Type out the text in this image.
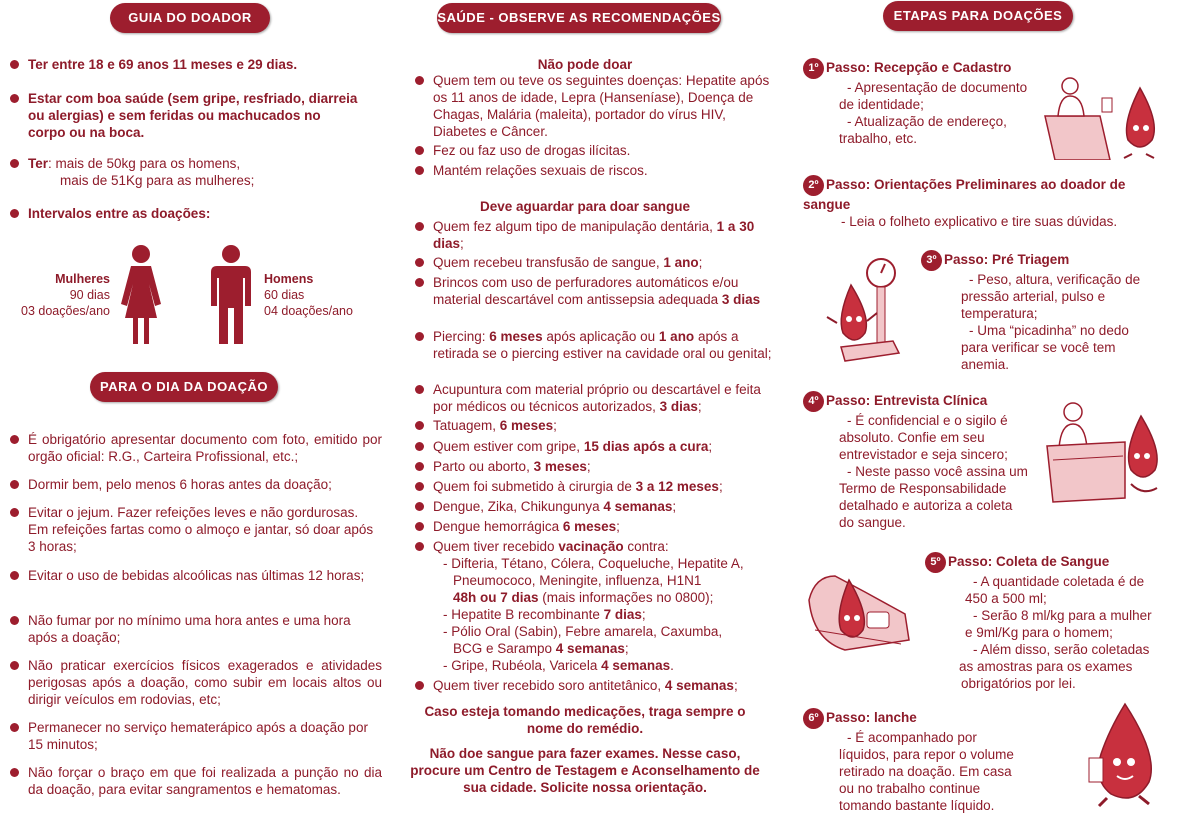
GUIA DO DOADOR
Ter entre 18 e 69 anos 11 meses e 29 dias.
Estar com boa saúde (sem gripe, resfriado, diarreia ou alergias) e sem feridas ou machucados no corpo ou na boca.
Ter: mais de 50kg para os homens,
mais de 51Kg para as mulheres;
Intervalos entre as doações:
Mulheres
90 dias
03 doações/ano
Homens
60 dias
04 doações/ano
PARA O DIA DA DOAÇÃO
É obrigatório apresentar documento com foto, emitido por orgão oficial: R.G., Carteira Profissional, etc.;
Dormir bem, pelo menos 6 horas antes da doação;
Evitar o jejum. Fazer refeições leves e não gordurosas. Em refeições fartas como o almoço e jantar, só doar após 3 horas;
Evitar o uso de bebidas alcoólicas nas últimas 12 horas;
Não fumar por no mínimo uma hora antes e uma hora após a doação;
Não praticar exercícios físicos exagerados e atividades perigosas após a doação, como subir em locais altos ou dirigir veículos em rodovias, etc;
Permanecer no serviço hematerápico após a doação por 15 minutos;
Não forçar o braço em que foi realizada a punção no dia da doação, para evitar sangramentos e hematomas.
SAÚDE - OBSERVE AS RECOMENDAÇÕES
Não pode doar
Quem tem ou teve os seguintes doenças: Hepatite após os 11 anos de idade, Lepra (Hanseníase), Doença de Chagas, Malária (maleita), portador do vírus HIV, Diabetes e Câncer.
Fez ou faz uso de drogas ilícitas.
Mantém relações sexuais de riscos.
Deve aguardar para doar sangue
Quem fez algum tipo de manipulação dentária, 1 a 30 dias;
Quem recebeu transfusão de sangue, 1 ano;
Brincos com uso de perfuradores automáticos e/ou material descartável com antissepsia adequada 3 dias
Piercing: 6 meses após aplicação ou 1 ano após a retirada se o piercing estiver na cavidade oral ou genital;
Acupuntura com material próprio ou descartável e feita por médicos ou técnicos autorizados, 3 dias;
Tatuagem, 6 meses;
Quem estiver com gripe, 15 dias após a cura;
Parto ou aborto, 3 meses;
Quem foi submetido à cirurgia de 3 a 12 meses;
Dengue, Zika, Chikungunya 4 semanas;
Dengue hemorrágica 6 meses;
Quem tiver recebido vacinação contra:
- Difteria, Tétano, Cólera, Coqueluche, Hepatite A,
Pneumococo, Meningite, influenza, H1N1
48h ou 7 dias (mais informações no 0800);
- Hepatite B recombinante 7 dias;
- Pólio Oral (Sabin), Febre amarela, Caxumba,
BCG e Sarampo 4 semanas;
- Gripe, Rubéola, Varicela 4 semanas.
Quem tiver recebido soro antitetânico, 4 semanas;
Caso esteja tomando medicações, traga sempre o nome do remédio.
Não doe sangue para fazer exames. Nesse caso, procure um Centro de Testagem e Aconselhamento de sua cidade. Solicite nossa orientação.
ETAPAS PARA DOAÇÕES
1º Passo: Recepção e Cadastro
- Apresentação de documento
de identidade;
- Atualização de endereço,
trabalho, etc.
2º Passo: Orientações Preliminares ao doador de sangue
- Leia o folheto explicativo e tire suas dúvidas.
3º Passo: Pré Triagem
- Peso, altura, verificação de
pressão arterial, pulso e
temperatura;
- Uma “picadinha” no dedo
para verificar se você tem
anemia.
4º Passo: Entrevista Clínica
- É confidencial e o sigilo é
absoluto. Confie em seu
entrevistador e seja sincero;
- Neste passo você assina um
Termo de Responsabilidade
detalhado e autoriza a coleta
do sangue.
5º Passo: Coleta de Sangue
- A quantidade coletada é de
450 a 500 ml;
- Serão 8 ml/kg para a mulher
e 9ml/Kg para o homem;
- Além disso, serão coletadas
as amostras para os exames
obrigatórios por lei.
6º Passo: lanche
- É acompanhado por
líquidos, para repor o volume
retirado na doação. Em casa
ou no trabalho continue
tomando bastante líquido.
